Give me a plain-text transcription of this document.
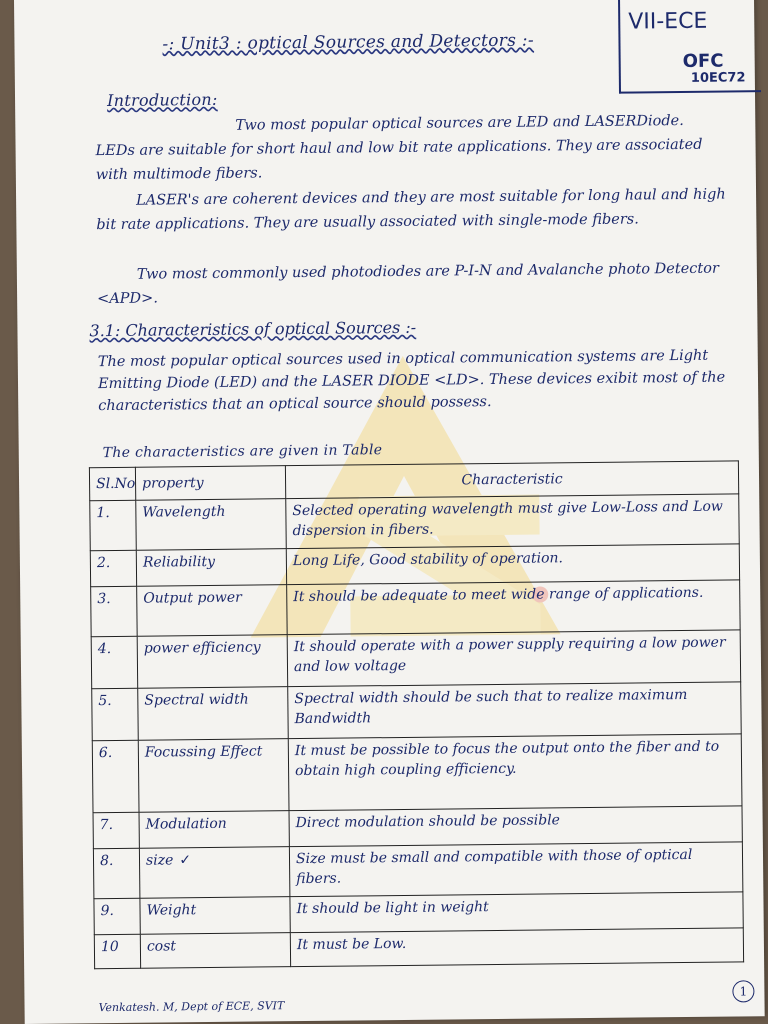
-: Unit3 : optical Sources and Detectors :-
VII-ECE
OFC
10EC72
Introduction:

Two most popular optical sources are LED and LASERDiode. LEDs are suitable for short haul and low bit rate applications. They are associated with multimode fibers.

LASER's are coherent devices and they are most suitable for long haul and high bit rate applications. They are usually associated with single-mode fibers.

Two most commonly used photodiodes are P-I-N and Avalanche photo Detector <APD>.

3.1: Characteristics of optical Sources :-

The most popular optical sources used in optical communication systems are Light Emitting Diode (LED) and the LASER DIODE <LD>. These devices exibit most of the characteristics that an optical source should possess.

The characteristics are given in Table
Sl.No	property	Characteristic
1.	Wavelength	Selected operating wavelength must give Low-Loss and Low dispersion in fibers.
2.	Reliability	Long Life, Good stability of operation.
3.	Output power	It should be adequate to meet wide range of applications.
4.	power efficiency	It should operate with a power supply requiring a low power and low voltage
5.	Spectral width	Spectral width should be such that to realize maximum Bandwidth
6.	Focussing Effect	It must be possible to focus the output onto the fiber and to obtain high coupling efficiency.
7.	Modulation	Direct modulation should be possible
8.	size ✓	Size must be small and compatible with those of optical fibers.
9.	Weight	It should be light in weight
10	cost	It must be Low.
Venkatesh. M, Dept of ECE, SVIT
1
